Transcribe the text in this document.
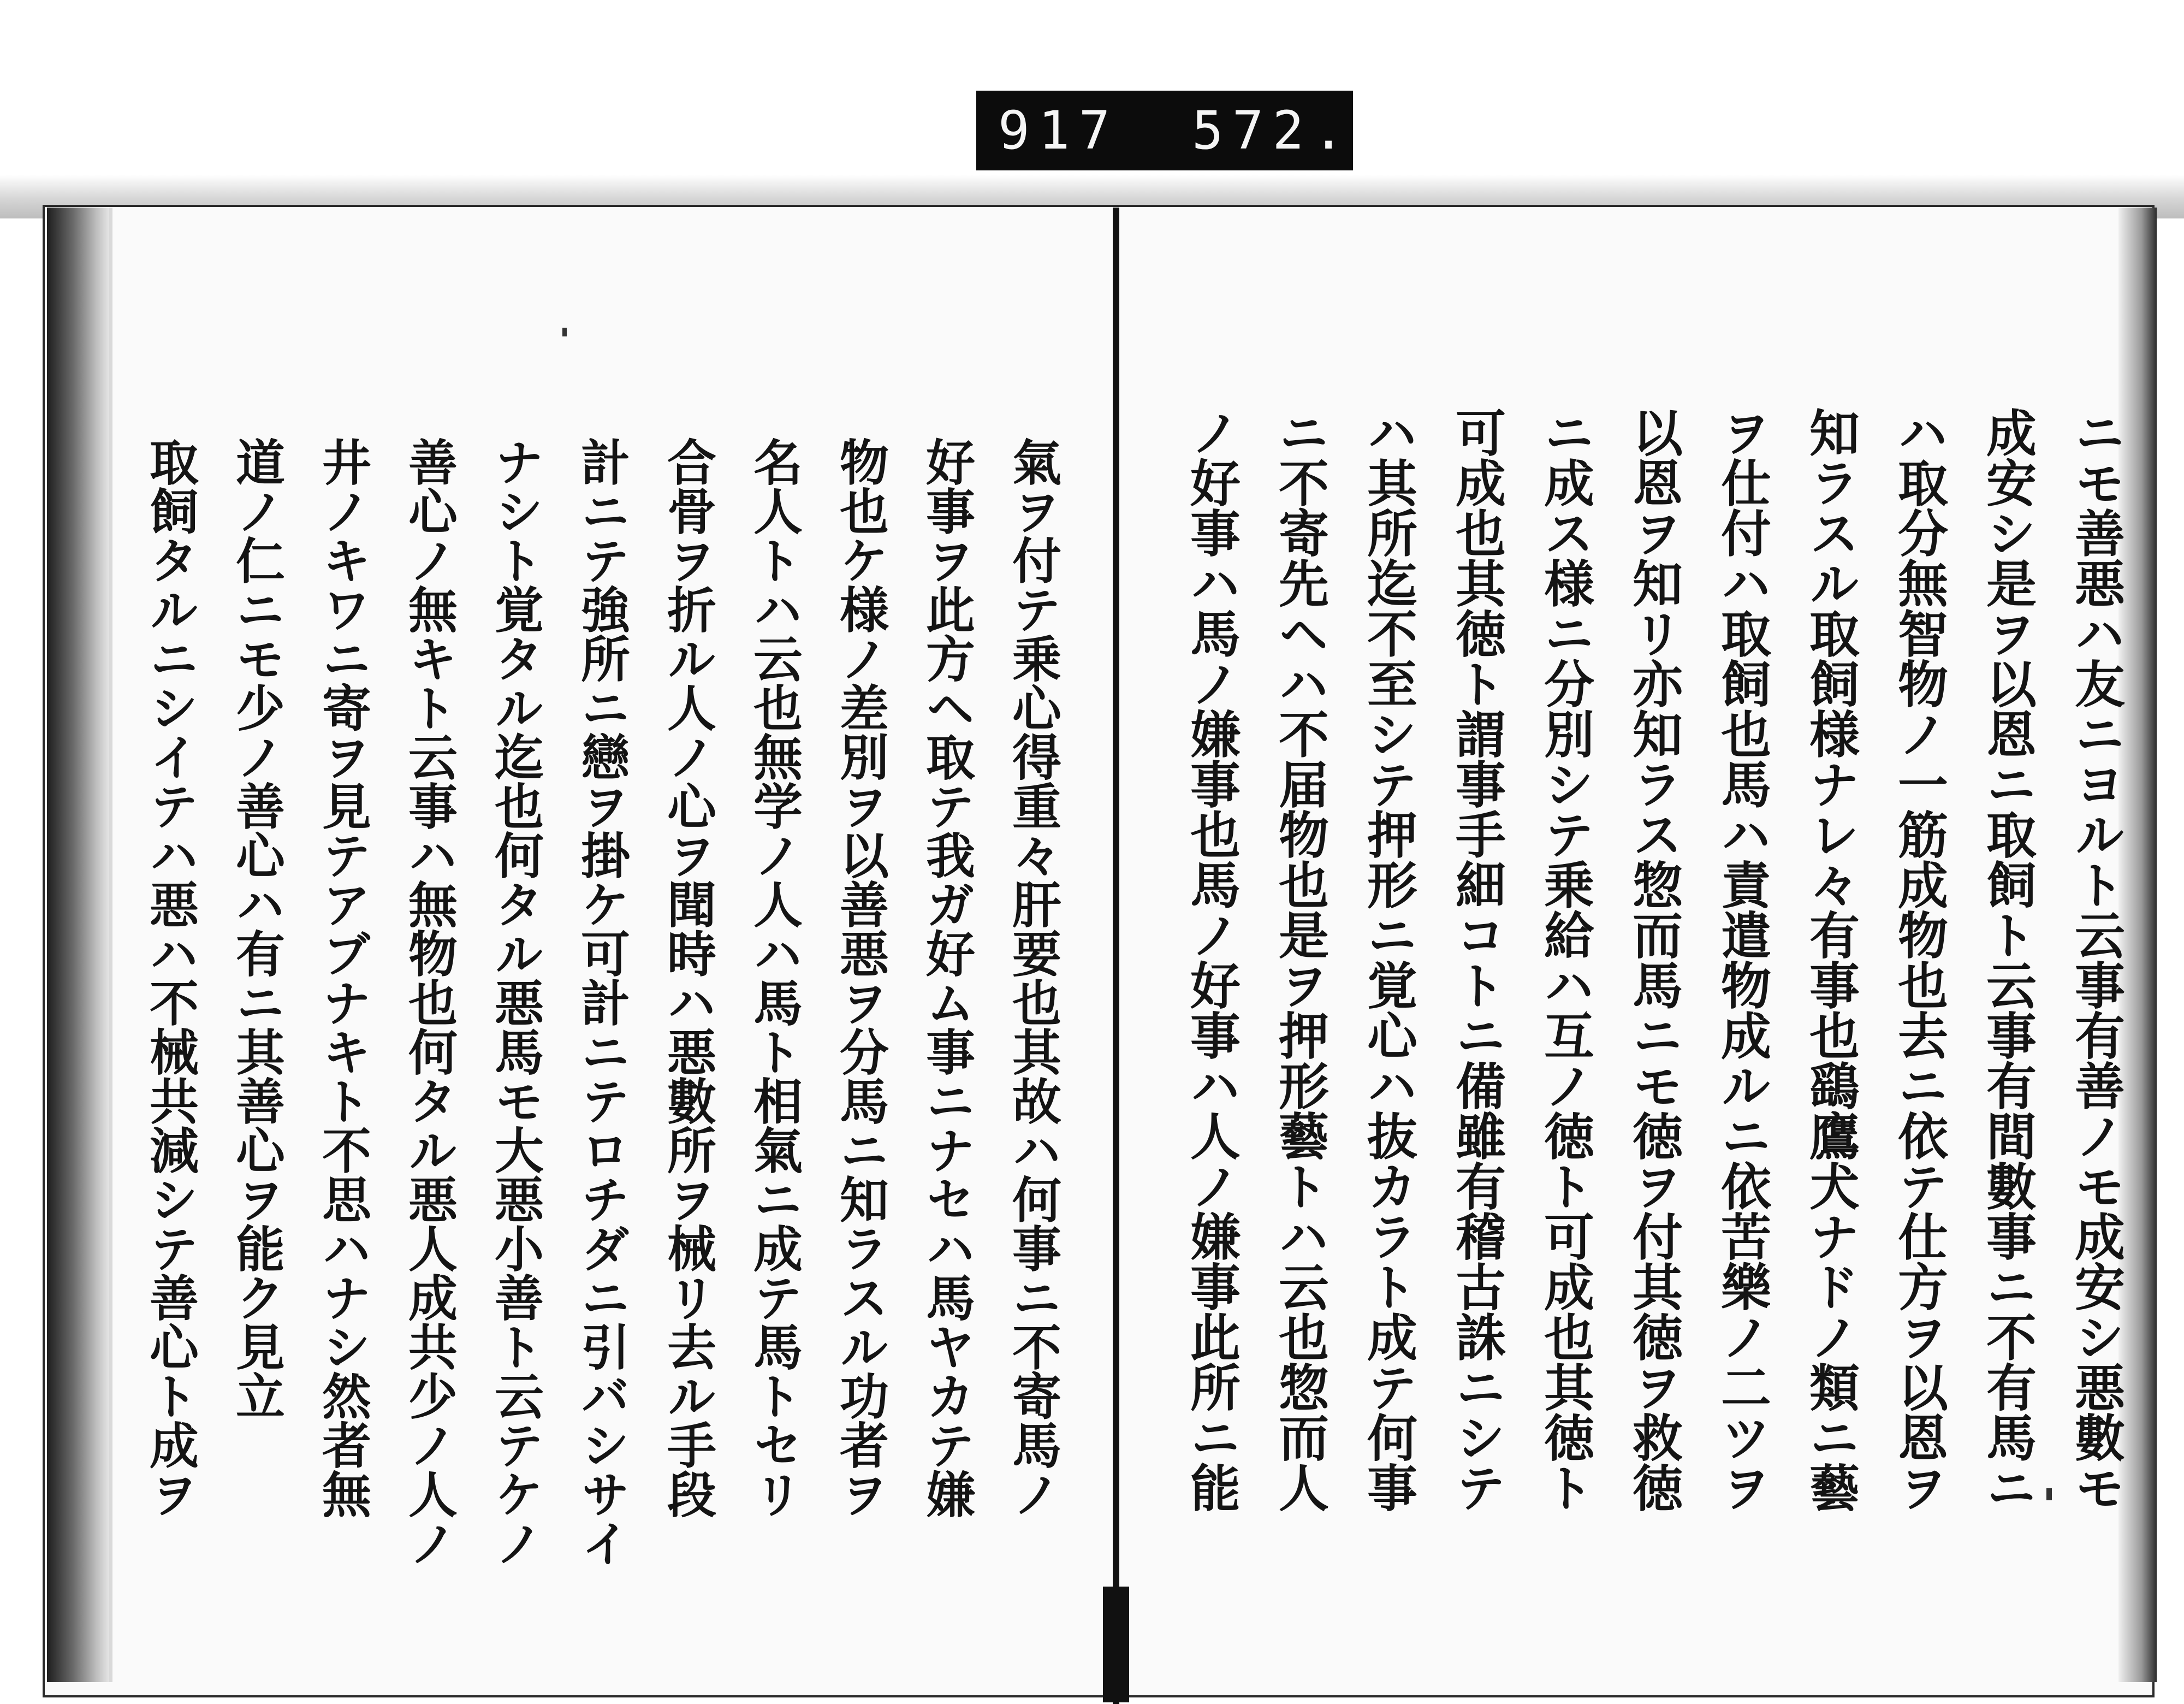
917 572.
ニモ善悪ハ友ニヨルト云事有善ノモ成安シ悪數モ
成安シ是ヲ以恩ニ取飼ト云事有間數事ニ不有馬ニ
ハ取分無智物ノ一筋成物也去ニ依テ仕方ヲ以恩ヲ
知ラスル取飼様ナレ々有事也鷂鷹犬ナドノ類ニ藝
ヲ仕付ハ取飼也馬ハ責遣物成ルニ依苦樂ノ二ツヲ
以恩ヲ知リ亦知ラス惣而馬ニモ徳ヲ付其徳ヲ救徳
ニ成ス様ニ分別シテ乗給ハ互ノ徳ト可成也其徳ト
可成也其徳ト謂事手細コトニ備雖有稽古誅ニシテ
ハ其所迄不至シテ押形ニ覚心ハ抜カラト成テ何事
ニ不寄先ヘハ不届物也是ヲ押形藝トハ云也惣而人
ノ好事ハ馬ノ嫌事也馬ノ好事ハ人ノ嫌事此所ニ能
氣ヲ付テ乗心得重々肝要也其故ハ何事ニ不寄馬ノ
好事ヲ此方ヘ取テ我ガ好ム事ニナセハ馬ヤカテ嫌
物也ケ様ノ差別ヲ以善悪ヲ分馬ニ知ラスル功者ヲ
名人トハ云也無学ノ人ハ馬ト相氣ニ成テ馬トセリ
合骨ヲ折ル人ノ心ヲ聞時ハ悪數所ヲ械リ去ル手段
計ニテ強所ニ戀ヲ掛ケ可計ニテロチダニ引バシサイ
ナシト覚タル迄也何タル悪馬モ大悪小善ト云テケノ
善心ノ無キト云事ハ無物也何タル悪人成共少ノ人ノ
井ノキワニ寄ヲ見テアブナキト不思ハナシ然者無
道ノ仁ニモ少ノ善心ハ有ニ其善心ヲ能ク見立
取飼タルニシイテハ悪ハ不械共減シテ善心ト成ヲ
